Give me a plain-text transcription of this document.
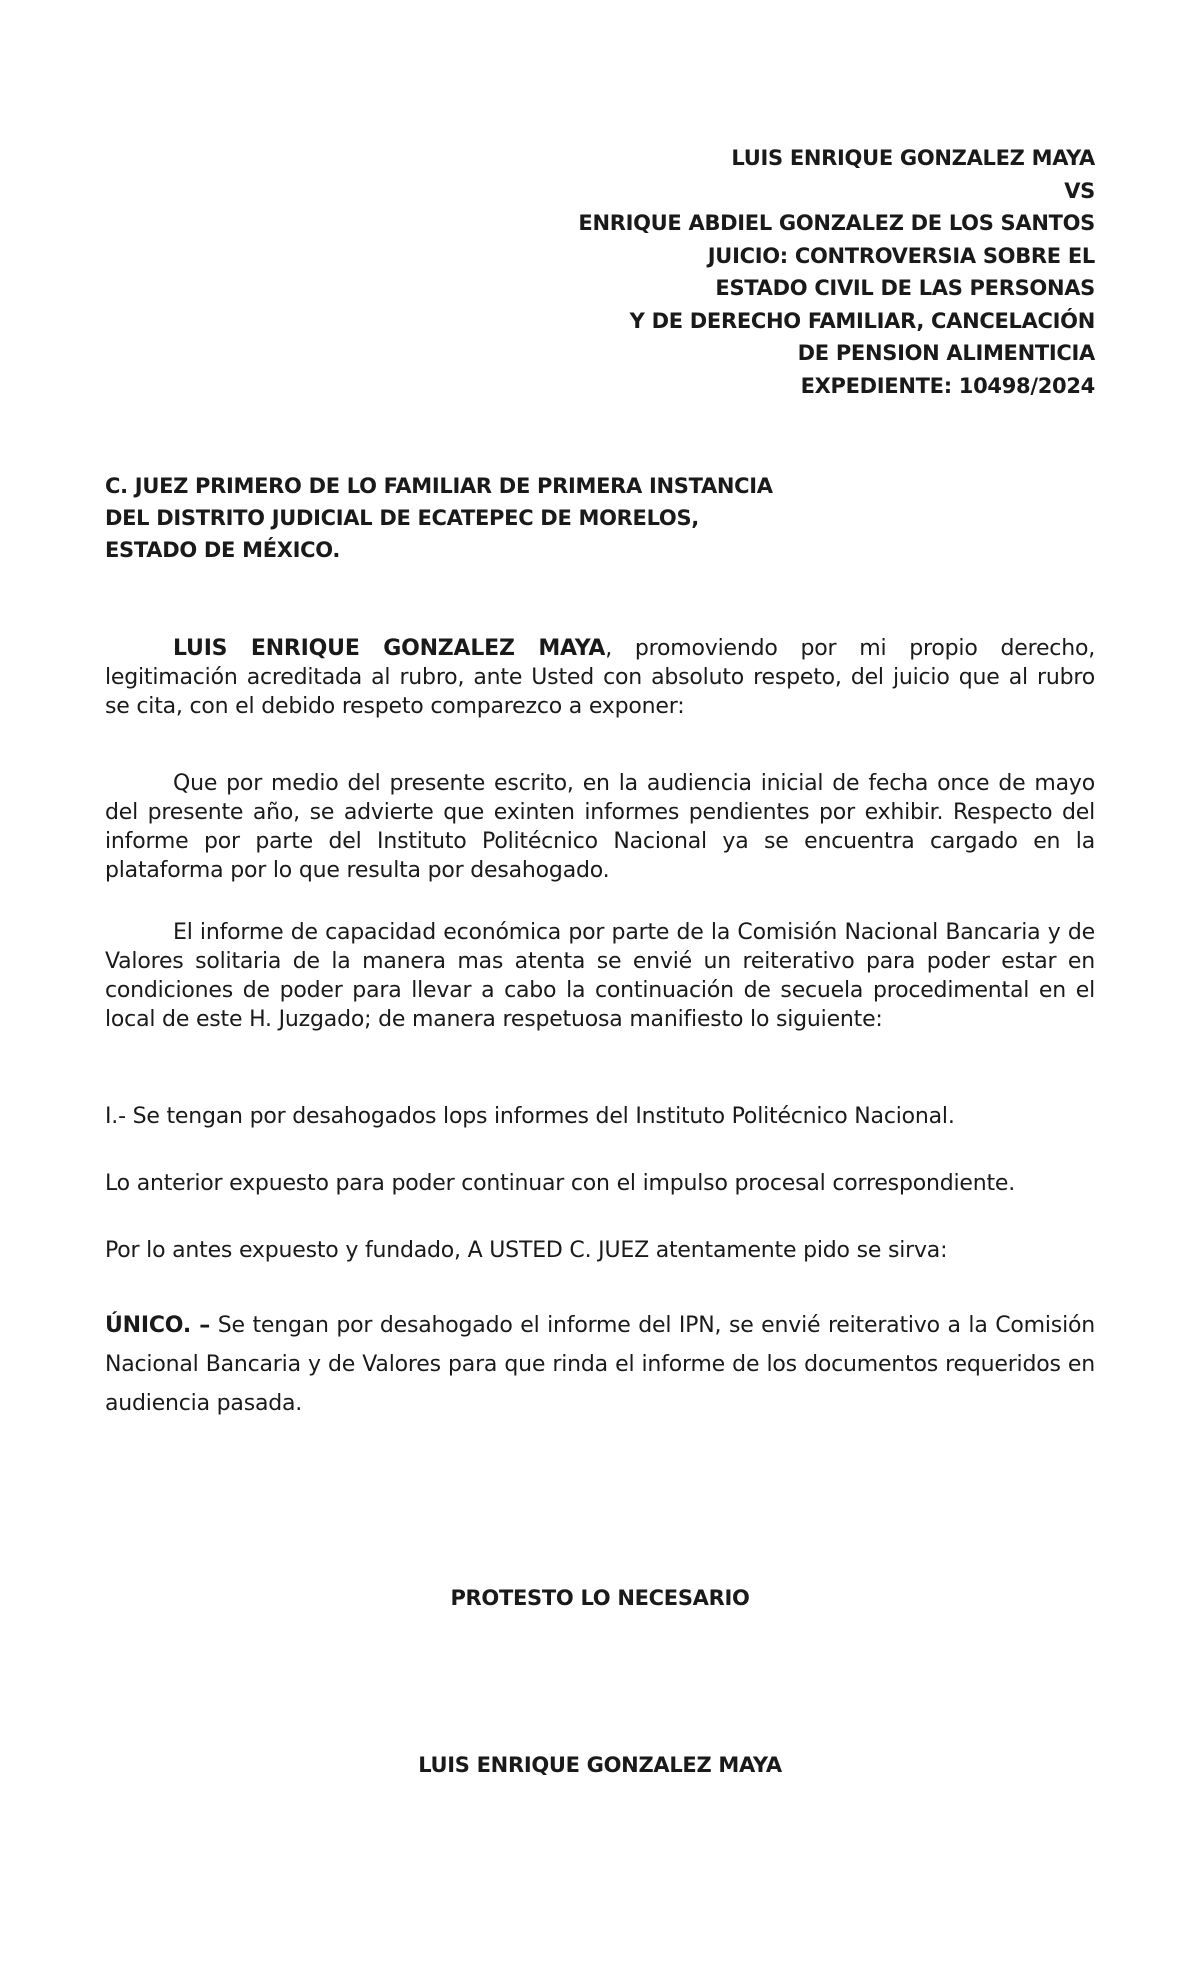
LUIS ENRIQUE GONZALEZ MAYA
VS
ENRIQUE ABDIEL GONZALEZ DE LOS SANTOS
JUICIO: CONTROVERSIA SOBRE EL
ESTADO CIVIL DE LAS PERSONAS
Y DE DERECHO FAMILIAR, CANCELACIÓN
DE PENSION ALIMENTICIA
EXPEDIENTE: 10498/2024
C. JUEZ PRIMERO DE LO FAMILIAR DE PRIMERA INSTANCIA
DEL DISTRITO JUDICIAL DE ECATEPEC DE MORELOS,
ESTADO DE MÉXICO.
LUIS ENRIQUE GONZALEZ MAYA, promoviendo por mi propio derecho, legitimación acreditada al rubro, ante Usted con absoluto respeto, del juicio que al rubro se cita, con el debido respeto comparezco a exponer:
Que por medio del presente escrito, en la audiencia inicial de fecha once de mayo del presente año, se advierte que exinten informes pendientes por exhibir. Respecto del informe por parte del Instituto Politécnico Nacional ya se encuentra cargado en la plataforma por lo que resulta por desahogado.
El informe de capacidad económica por parte de la Comisión Nacional Bancaria y de Valores solitaria de la manera mas atenta se envié un reiterativo para poder estar en condiciones de poder para llevar a cabo la continuación de secuela procedimental en el local de este H. Juzgado; de manera respetuosa manifiesto lo siguiente:
I.- Se tengan por desahogados lops informes del Instituto Politécnico Nacional.
Lo anterior expuesto para poder continuar con el impulso procesal correspondiente.
Por lo antes expuesto y fundado, A USTED C. JUEZ atentamente pido se sirva:
ÚNICO. – Se tengan por desahogado el informe del IPN, se envié reiterativo a la Comisión Nacional Bancaria y de Valores para que rinda el informe de los documentos requeridos en audiencia pasada.
PROTESTO LO NECESARIO
LUIS ENRIQUE GONZALEZ MAYA
